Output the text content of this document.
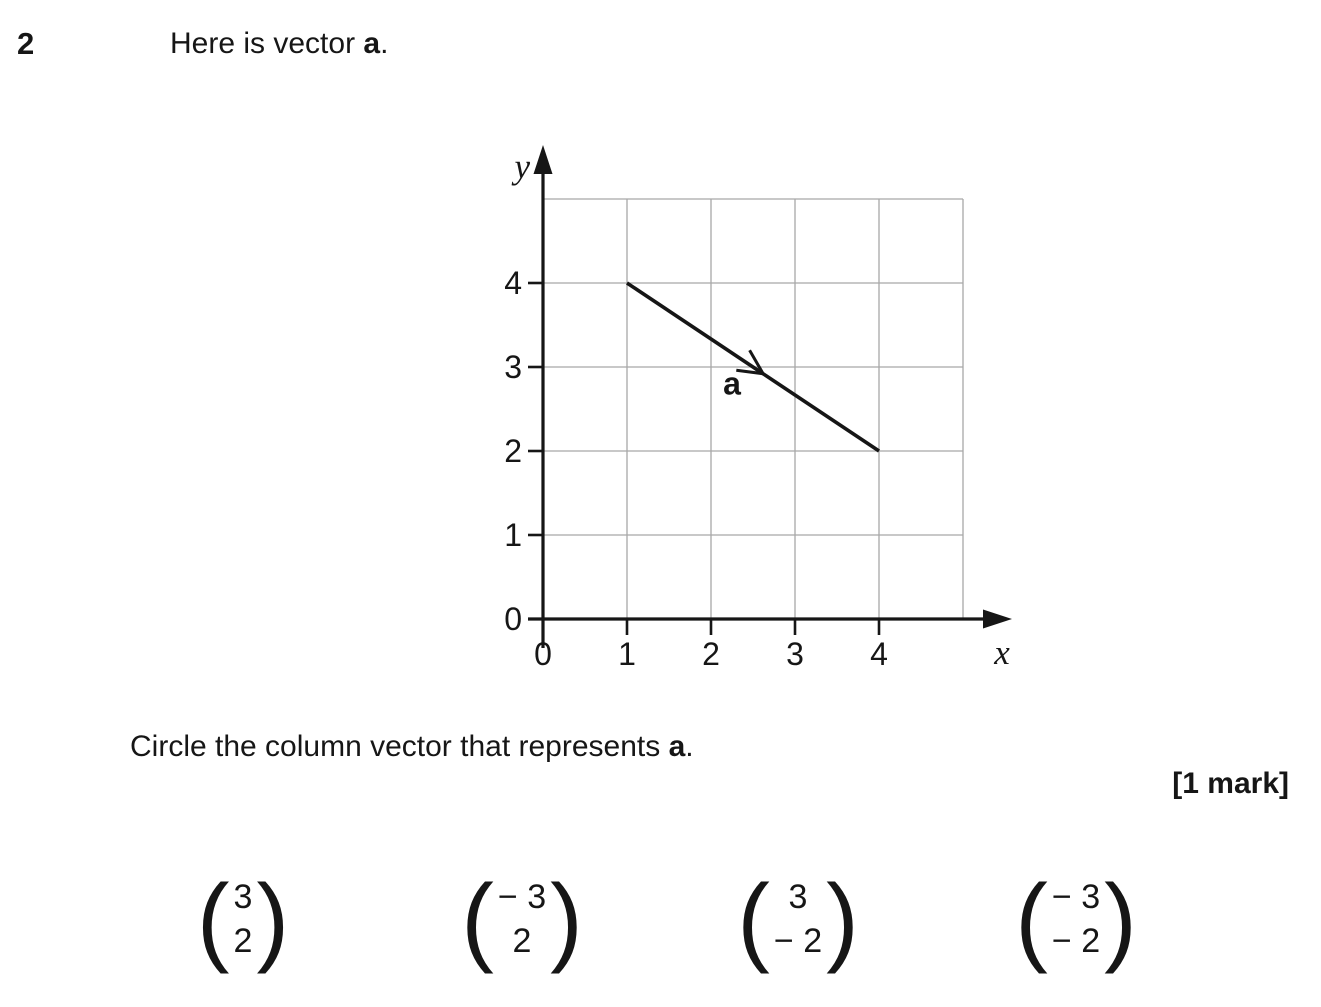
2	Here is vector a.
0
1
2
3
4
0 1 2 3 4
y
x
a
Circle the column vector that represents a.
[1 mark]
( 3
2 ) ( − 3
2 ) ( 3
− 2 ) ( − 3
− 2 )
